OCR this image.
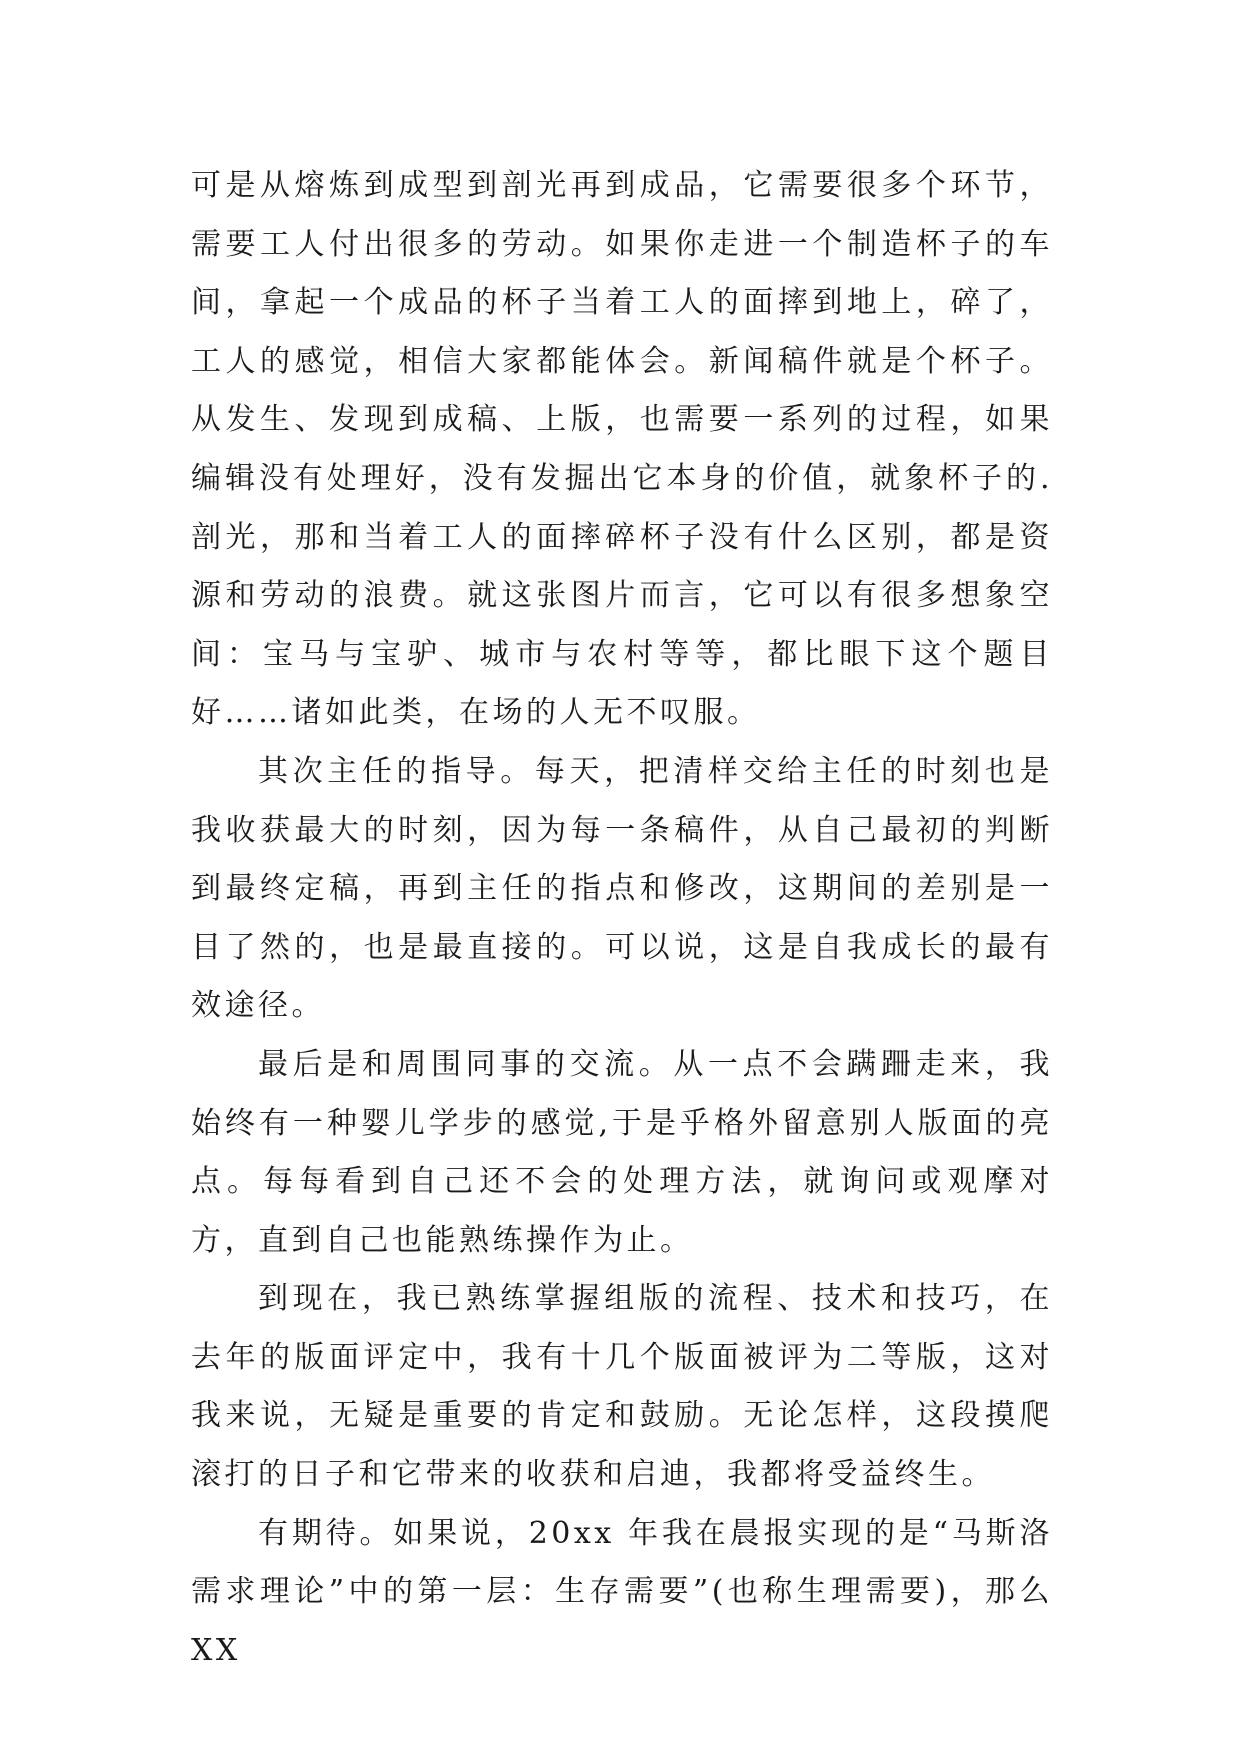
可是从熔炼到成型到剖光再到成品，它需要很多个环节，需要工人付出很多的劳动。如果你走进一个制造杯子的车间，拿起一个成品的杯子当着工人的面摔到地上，碎了，工人的感觉，相信大家都能体会。新闻稿件就是个杯子。从发生、发现到成稿、上版，也需要一系列的过程，如果编辑没有处理好，没有发掘出它本身的价值，就象杯子的.剖光，那和当着工人的面摔碎杯子没有什么区别，都是资源和劳动的浪费。就这张图片而言，它可以有很多想象空间：宝马与宝驴、城市与农村等等，都比眼下这个题目好……诸如此类，在场的人无不叹服。

其次主任的指导。每天，把清样交给主任的时刻也是我收获最大的时刻，因为每一条稿件，从自己最初的判断到最终定稿，再到主任的指点和修改，这期间的差别是一目了然的，也是最直接的。可以说，这是自我成长的最有效途径。

最后是和周围同事的交流。从一点不会蹒跚走来，我始终有一种婴儿学步的感觉,于是乎格外留意别人版面的亮点。每每看到自己还不会的处理方法，就询问或观摩对方，直到自己也能熟练操作为止。

到现在，我已熟练掌握组版的流程、技术和技巧，在去年的版面评定中，我有十几个版面被评为二等版，这对我来说，无疑是重要的肯定和鼓励。无论怎样，这段摸爬滚打的日子和它带来的收获和启迪，我都将受益终生。

有期待。如果说，20xx 年我在晨报实现的是“马斯洛需求理论”中的第一层：生存需要”(也称生理需要)，那么XX
